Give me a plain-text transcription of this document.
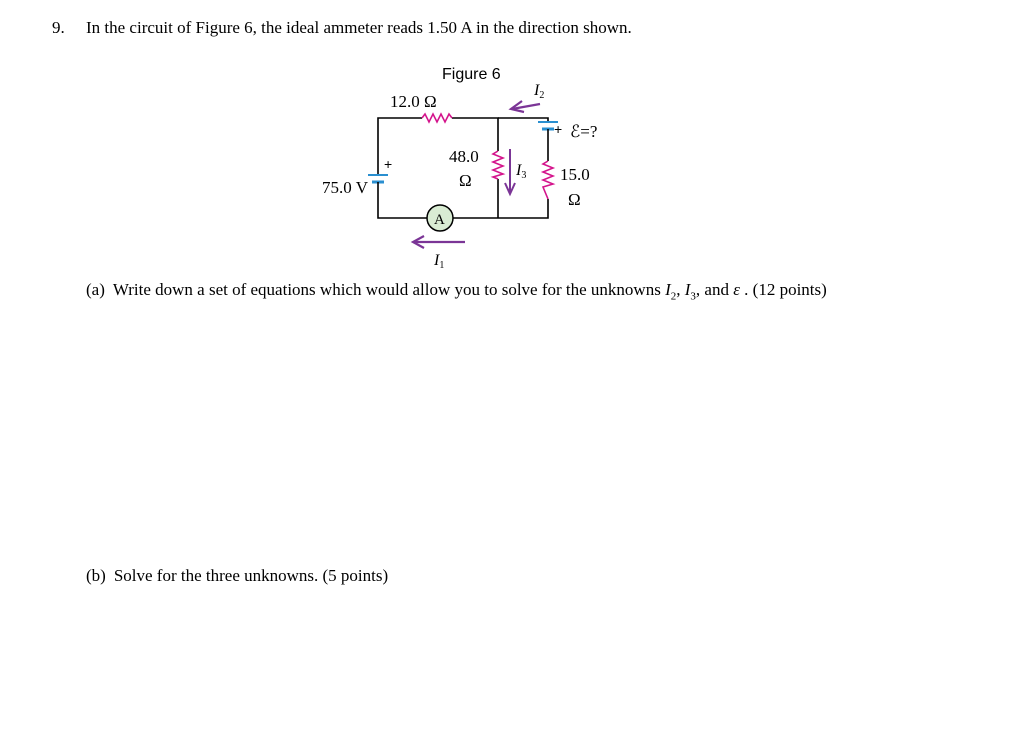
9. In the circuit of Figure 6, the ideal ammeter reads 1.50 A in the direction shown.
Figure 6
12.0 Ω
48.0
Ω	15.0
Ω
+
75.0 V
+ ℰ=?
A
I1
I2
I3
(a) Write down a set of equations which would allow you to solve for the unknowns $I_2$, $I_3$, and ε . (12 points)
(b) Solve for the three unknowns. (5 points)
